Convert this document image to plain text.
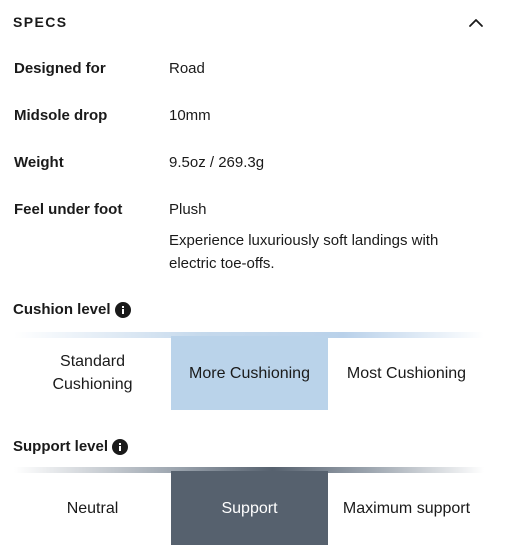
SPECS
Designed for	Road
Midsole drop	10mm
Weight	9.5oz / 269.3g
Feel under foot	Plush
Experience luxuriously soft landings with electric toe-offs.
Cushion level
Standard Cushioning
More Cushioning	Most Cushioning
Support level
Neutral	Support	Maximum support
